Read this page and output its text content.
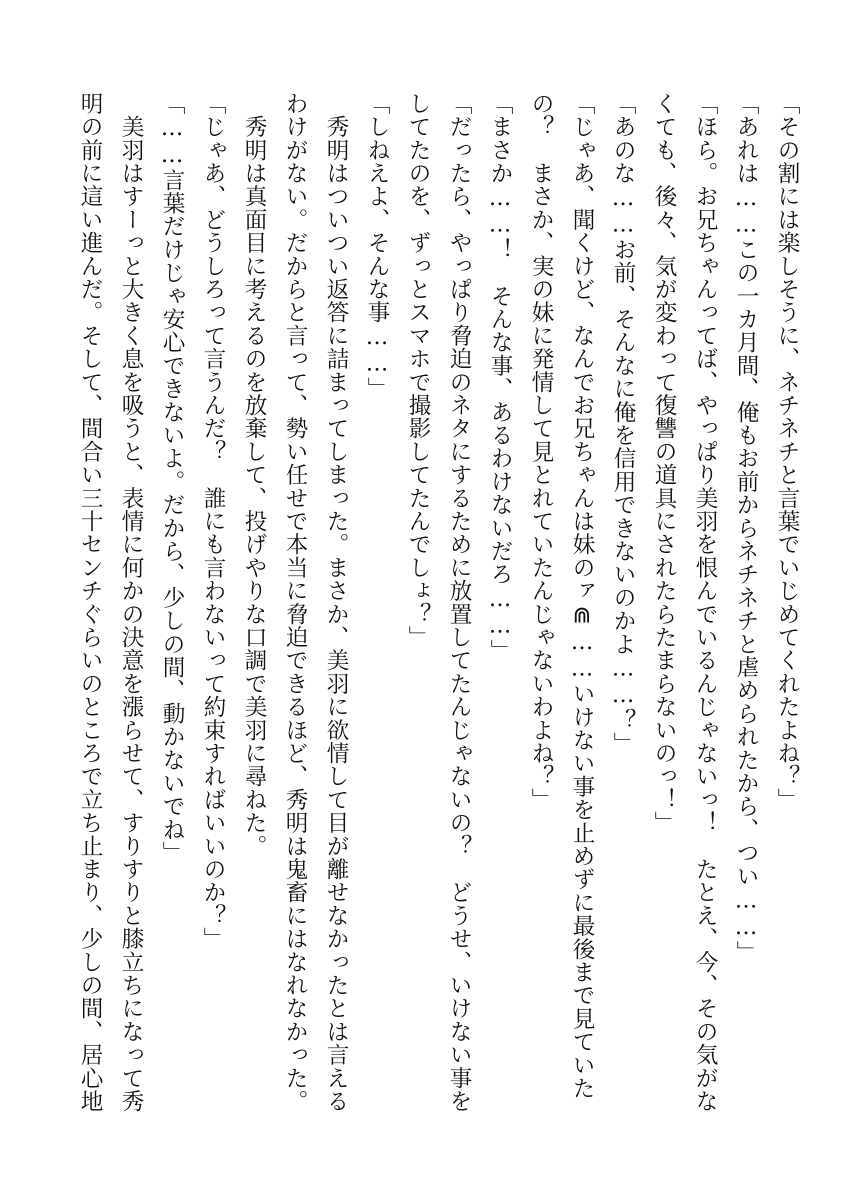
「その割には楽しそうに、ネチネチと言葉でいじめてくれたよね？」
「あれは……この一カ月間、俺もお前からネチネチと虐められたから、つい……」
「ほら。お兄ちゃんってば、やっぱり美羽を恨んでいるんじゃないっ！　たとえ、今、その気がな
くても、後々、気が変わって復讐の道具にされたらたまらないのっ！」
「あのな……お前、そんなに俺を信用できないのかよ……？」
「じゃあ、聞くけど、なんでお兄ちゃんは妹のァ⋒……いけない事を止めずに最後まで見ていた
の？　まさか、実の妹に発情して見とれていたんじゃないわよね？」
「まさか……！　そんな事、あるわけないだろ……」
「だったら、やっぱり脅迫のネタにするために放置してたんじゃないの？　どうせ、いけない事を
してたのを、ずっとスマホで撮影してたんでしょ？」
「しねえよ、そんな事……」
　秀明はついつい返答に詰まってしまった。まさか、美羽に欲情して目が離せなかったとは言える
わけがない。だからと言って、勢い任せで本当に脅迫できるほど、秀明は鬼畜にはなれなかった。
　秀明は真面目に考えるのを放棄して、投げやりな口調で美羽に尋ねた。
「じゃあ、どうしろって言うんだ？　誰にも言わないって約束すればいいのか？」
「……言葉だけじゃ安心できないよ。だから、少しの間、動かないでね」
　美羽はすーっと大きく息を吸うと、表情に何かの決意を漲らせて、すりすりと膝立ちになって秀
明の前に這い進んだ。そして、間合い三十センチぐらいのところで立ち止まり、少しの間、居心地
